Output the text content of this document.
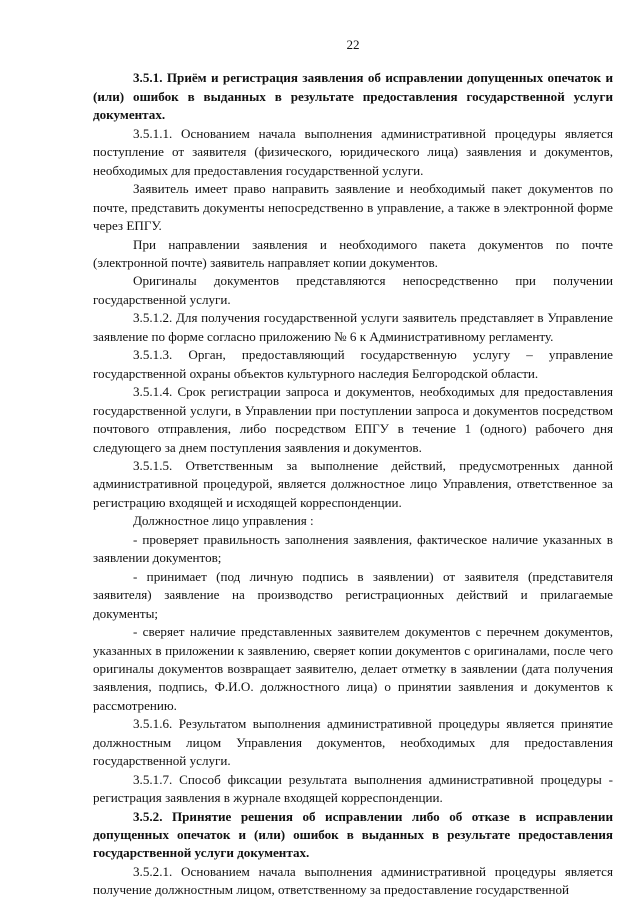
22

3.5.1. Приём и регистрация заявления об исправлении допущенных опечаток и (или) ошибок в выданных в результате предоставления государственной услуги документах.

3.5.1.1. Основанием начала выполнения административной процедуры является поступление от заявителя (физического, юридического лица) заявления и документов, необходимых для предоставления государственной услуги.

Заявитель имеет право направить заявление и необходимый пакет документов по почте, представить документы непосредственно в управление, а также в электронной форме через ЕПГУ.

При направлении заявления и необходимого пакета документов по почте (электронной почте) заявитель направляет копии документов.

Оригиналы документов представляются непосредственно при получении государственной услуги.

3.5.1.2. Для получения государственной услуги заявитель представляет в Управление заявление по форме согласно приложению № 6 к Административному регламенту.

3.5.1.3. Орган, предоставляющий государственную услугу – управление государственной охраны объектов культурного наследия Белгородской области.

3.5.1.4. Срок регистрации запроса и документов, необходимых для предоставления государственной услуги, в Управлении при поступлении запроса и документов посредством почтового отправления, либо посредством ЕПГУ в течение 1 (одного) рабочего дня следующего за днем поступления заявления и документов.

3.5.1.5. Ответственным за выполнение действий, предусмотренных данной административной процедурой, является должностное лицо Управления, ответственное за регистрацию входящей и исходящей корреспонденции.

Должностное лицо управления :

- проверяет правильность заполнения заявления, фактическое наличие указанных в заявлении документов;

- принимает (под личную подпись в заявлении) от заявителя (представителя заявителя) заявление на производство регистрационных действий и прилагаемые документы;

- сверяет наличие представленных заявителем документов с перечнем документов, указанных в приложении к заявлению, сверяет копии документов с оригиналами, после чего оригиналы документов возвращает заявителю, делает отметку в заявлении (дата получения заявления, подпись, Ф.И.О. должностного лица) о принятии заявления и документов к рассмотрению.

3.5.1.6. Результатом выполнения административной процедуры является принятие должностным лицом Управления документов, необходимых для предоставления государственной услуги.

3.5.1.7. Способ фиксации результата выполнения административной процедуры - регистрация заявления в журнале входящей корреспонденции.

3.5.2. Принятие решения об исправлении либо об отказе в исправлении допущенных опечаток и (или) ошибок в выданных в результате предоставления государственной услуги документах.

3.5.2.1. Основанием начала выполнения административной процедуры является получение должностным лицом, ответственному за предоставление государственной
